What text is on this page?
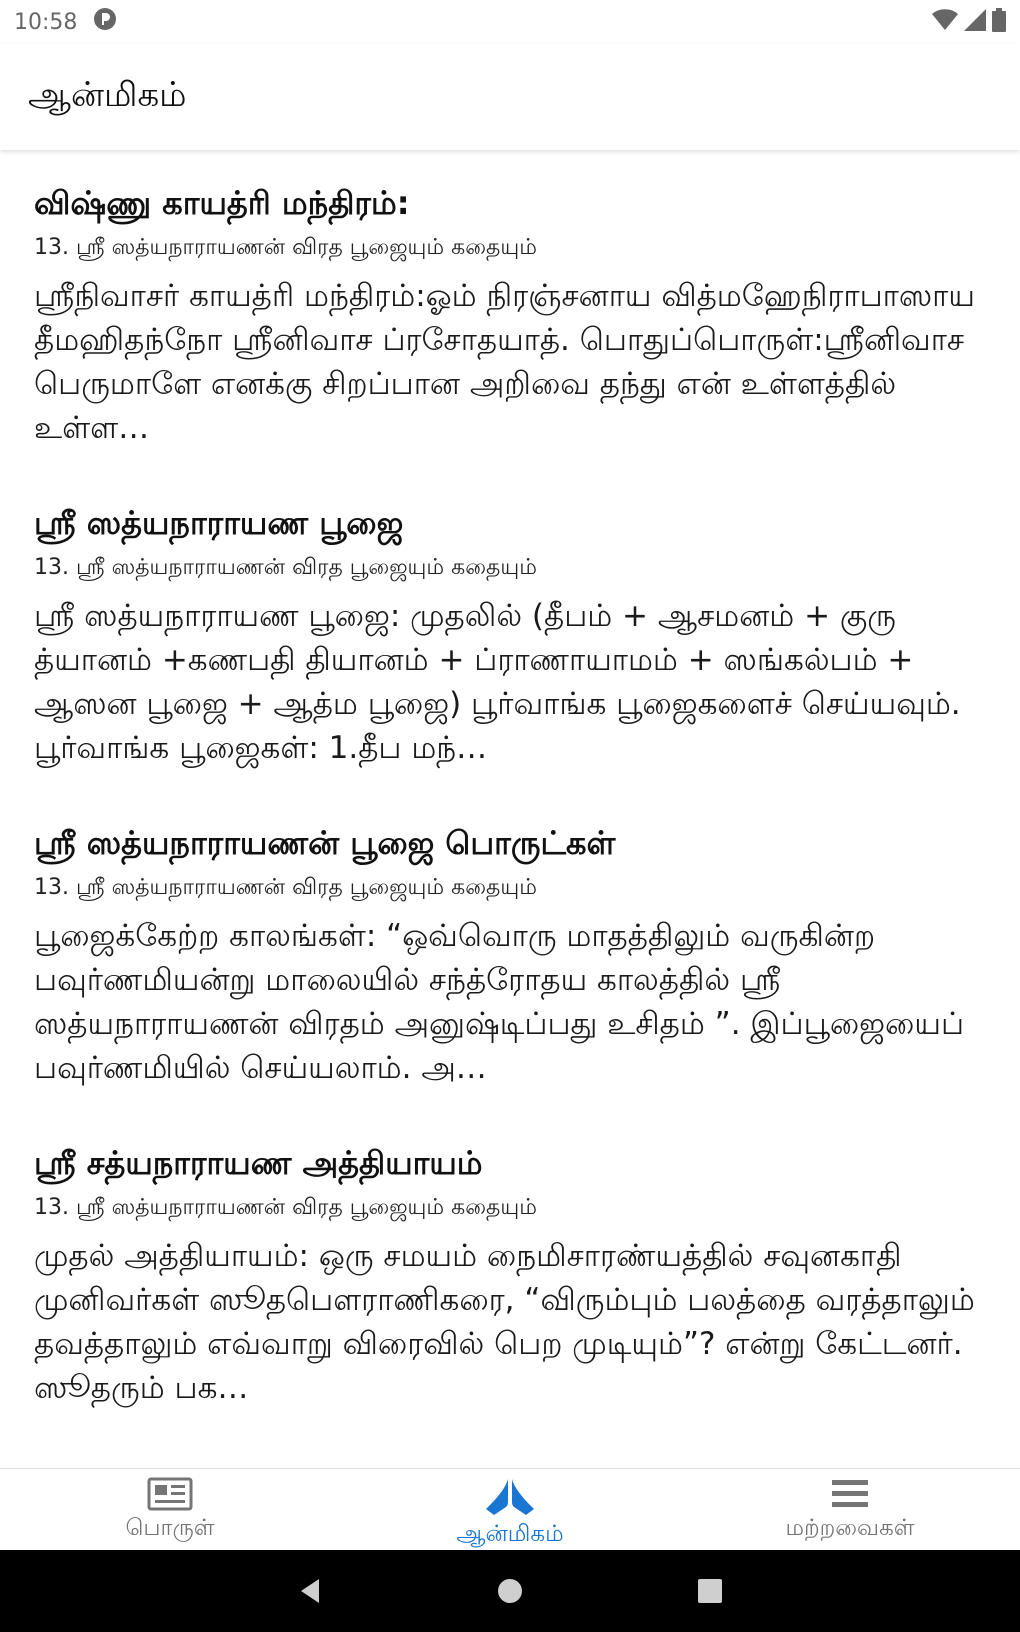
10:58
ஆன்மிகம்
விஷ்ணு காயத்ரி மந்திரம்:
13. ஸ்ரீ ஸத்யநாராயணன் விரத பூஜையும் கதையும்
ஸ்ரீநிவாசர் காயத்ரி மந்திரம்:ஓம் நிரஞ்சனாய வித்மஹேநிராபாஸாய தீமஹிதந்நோ ஸ்ரீனிவாச ப்ரசோதயாத். பொதுப்பொருள்:ஸ்ரீனிவாச பெருமாளே எனக்கு சிறப்பான அறிவை தந்து என் உள்ளத்தில் உள்ள…
ஸ்ரீ ஸத்யநாராயண பூஜை
13. ஸ்ரீ ஸத்யநாராயணன் விரத பூஜையும் கதையும்
ஸ்ரீ ஸத்யநாராயண பூஜை: முதலில் (தீபம் + ஆசமனம் + குரு த்யானம் +கணபதி தியானம் + ப்ராணாயாமம் + ஸங்கல்பம் + ஆஸன பூஜை + ஆத்ம பூஜை) பூர்வாங்க பூஜைகளைச் செய்யவும். பூர்வாங்க பூஜைகள்: 1.தீப மந்…
ஸ்ரீ ஸத்யநாராயணன் பூஜை பொருட்கள்
13. ஸ்ரீ ஸத்யநாராயணன் விரத பூஜையும் கதையும்
பூஜைக்கேற்ற காலங்கள்: “ஒவ்வொரு மாதத்திலும் வருகின்ற பவுர்ணமியன்று மாலையில் சந்த்ரோதய காலத்தில் ஸ்ரீ ஸத்யநாராயணன் விரதம் அனுஷ்டிப்பது உசிதம் ”. இப்பூஜையைப் பவுர்ணமியில் செய்யலாம். அ…
ஸ்ரீ சத்யநாராயண அத்தியாயம்
13. ஸ்ரீ ஸத்யநாராயணன் விரத பூஜையும் கதையும்
முதல் அத்தியாயம்: ஒரு சமயம் நைமிசாரண்யத்தில் சவுனகாதி முனிவர்கள் ஸூதபௌராணிகரை, “விரும்பும் பலத்தை வரத்தாலும் தவத்தாலும் எவ்வாறு விரைவில் பெற முடியும்”? என்று கேட்டனர். ஸூதரும் பக…
பொருள்	ஆன்மிகம்	மற்றவைகள்
